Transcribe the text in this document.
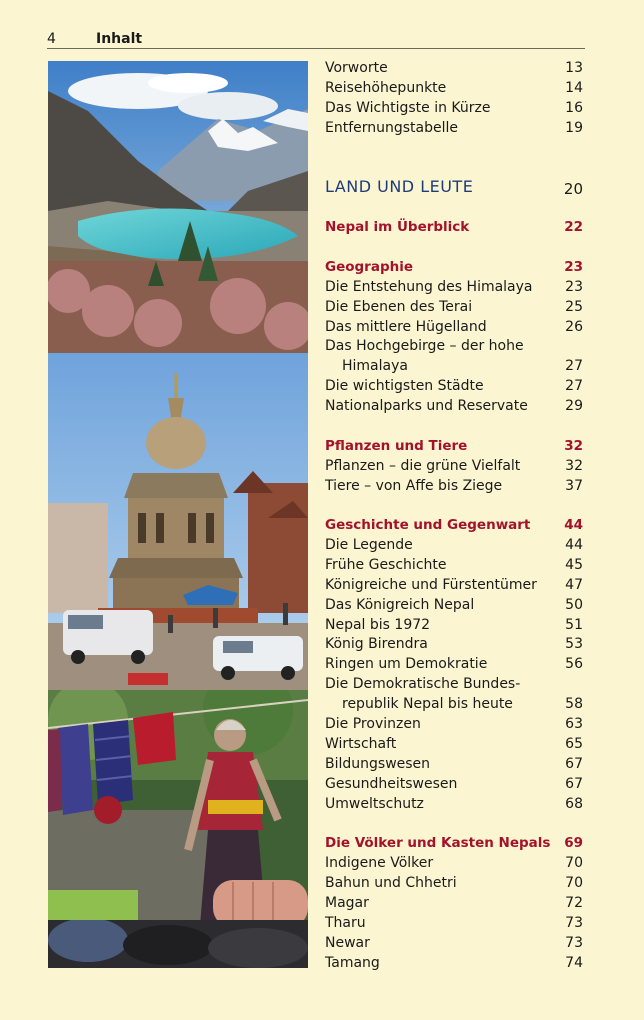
4	Inhalt
Vorworte	13
Reisehöhepunkte	14
Das Wichtigste in Kürze	16
Entfernungstabelle	19
LAND UND LEUTE	20
Nepal im Überblick	22
Geographie	23
Die Entstehung des Himalaya 23
Die Ebenen des Terai	25
Das mittlere Hügelland	26
Das Hochgebirge – der hohe
Himalaya	27
Die wichtigsten Städte	27
Nationalparks und Reservate	29
Pflanzen und Tiere	32
Pflanzen – die grüne Vielfalt	32
Tiere – von Affe bis Ziege	37
Geschichte und Gegenwart	44
Die Legende	44
Frühe Geschichte	45
Königreiche und Fürstentümer 47
Das Königreich Nepal	50
Nepal bis 1972	51
König Birendra	53
Ringen um Demokratie	56
Die Demokratische Bundes-
republik Nepal bis heute	58
Die Provinzen	63
Wirtschaft	65
Bildungswesen	67
Gesundheitswesen	67
Umweltschutz	68
Die Völker und Kasten Nepals 69
Indigene Völker	70
Bahun und Chhetri	70
Magar	72
Tharu	73
Newar	73
Tamang	74
